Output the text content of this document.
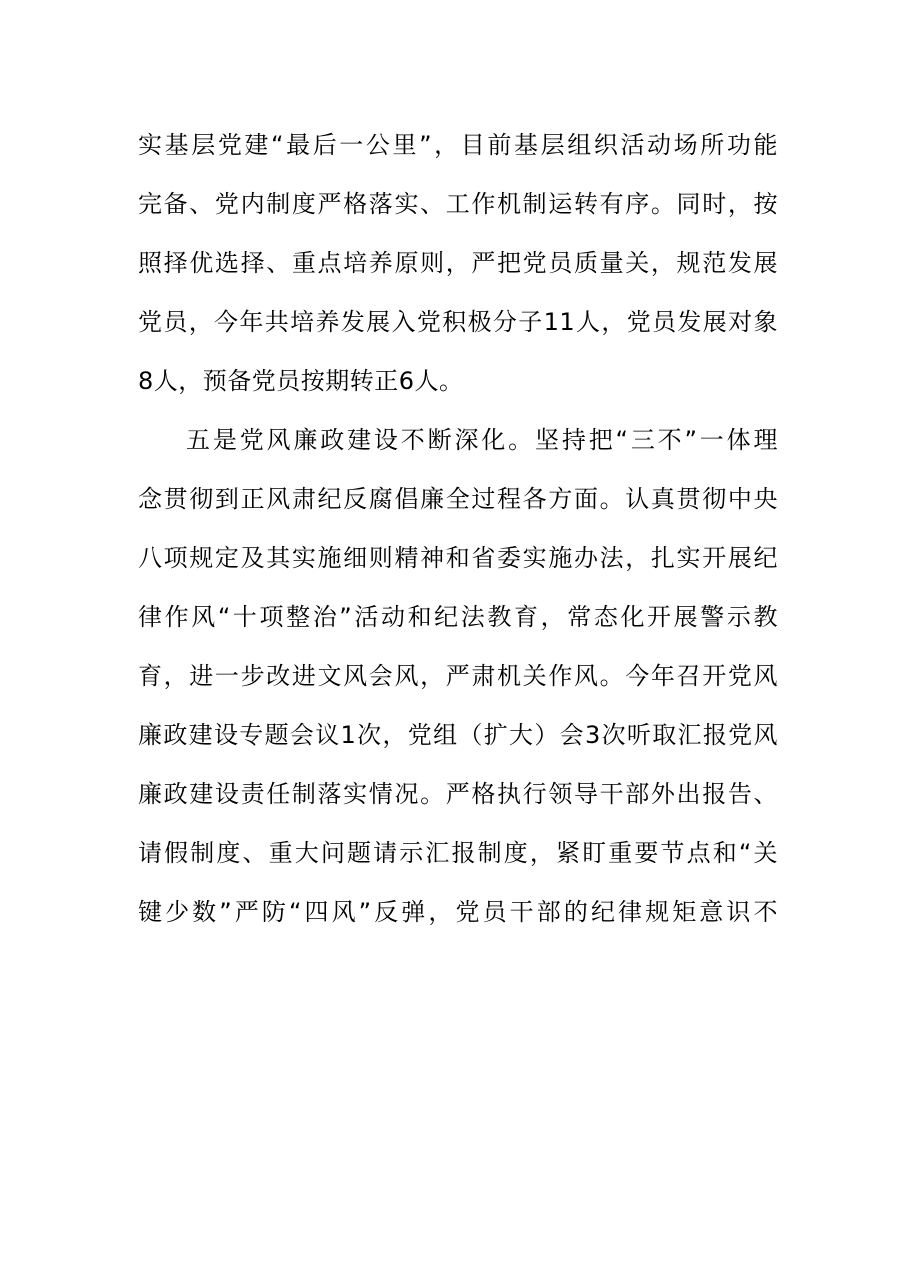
实基层党建“最后一公里”，目前基层组织活动场所功能
完备、党内制度严格落实、工作机制运转有序。同时，按
照择优选择、重点培养原则，严把党员质量关，规范发展
党员，今年共培养发展入党积极分子11人，党员发展对象
8人，预备党员按期转正6人。
五是党风廉政建设不断深化。坚持把“三不”一体理
念贯彻到正风肃纪反腐倡廉全过程各方面。认真贯彻中央
八项规定及其实施细则精神和省委实施办法，扎实开展纪
律作风“十项整治”活动和纪法教育，常态化开展警示教
育，进一步改进文风会风，严肃机关作风。今年召开党风
廉政建设专题会议1次，党组（扩大）会3次听取汇报党风
廉政建设责任制落实情况。严格执行领导干部外出报告、
请假制度、重大问题请示汇报制度，紧盯重要节点和“关
键少数”严防“四风”反弹，党员干部的纪律规矩意识不
